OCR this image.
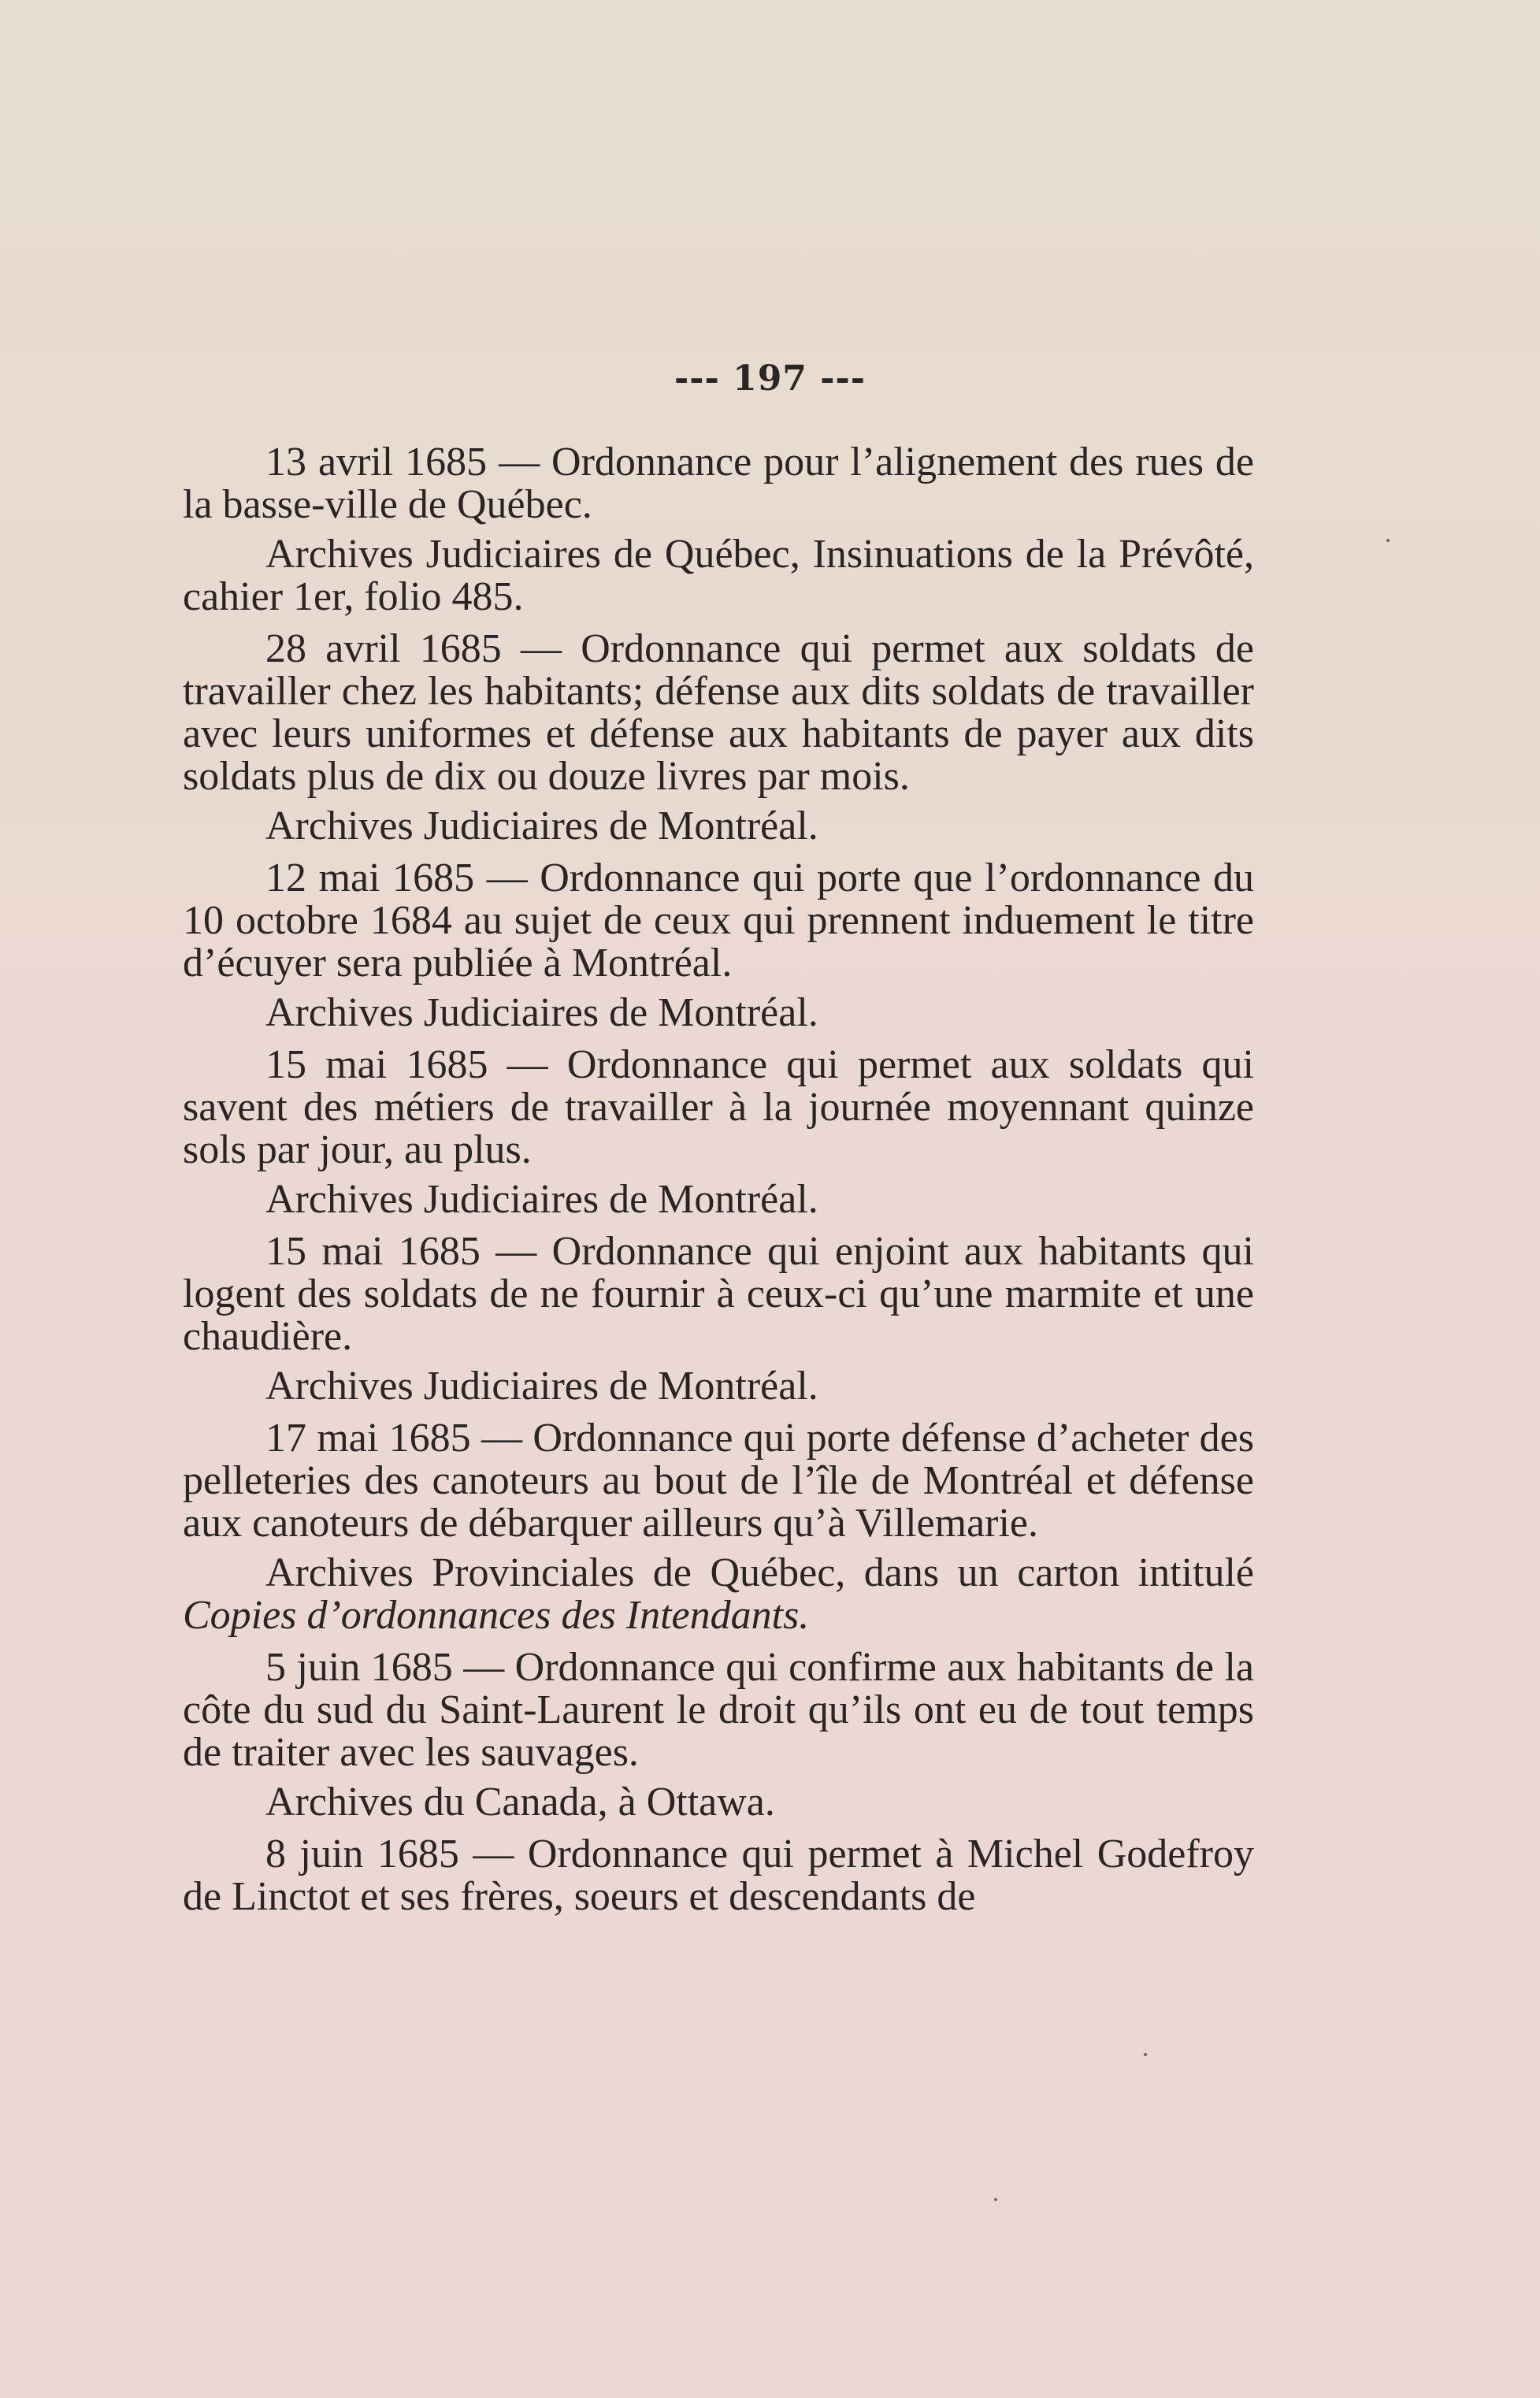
--- 197 ---

13 avril 1685 — Ordonnance pour l’alignement des rues de la basse-ville de Québec.

Archives Judiciaires de Québec, Insinuations de la Prévôté, cahier 1er, folio 485.

28 avril 1685 — Ordonnance qui permet aux soldats de travailler chez les habitants; défense aux dits soldats de travailler avec leurs uniformes et défense aux habitants de payer aux dits soldats plus de dix ou douze livres par mois.

Archives Judiciaires de Montréal.

12 mai 1685 — Ordonnance qui porte que l’ordonnance du 10 octobre 1684 au sujet de ceux qui prennent induement le titre d’écuyer sera publiée à Montréal.

Archives Judiciaires de Montréal.

15 mai 1685 — Ordonnance qui permet aux soldats qui savent des métiers de travailler à la journée moyennant quinze sols par jour, au plus.

Archives Judiciaires de Montréal.

15 mai 1685 — Ordonnance qui enjoint aux habitants qui logent des soldats de ne fournir à ceux-ci qu’une marmite et une chaudière.

Archives Judiciaires de Montréal.

17 mai 1685 — Ordonnance qui porte défense d’acheter des pelleteries des canoteurs au bout de l’île de Montréal et défense aux canoteurs de débarquer ailleurs qu’à Villemarie.

Archives Provinciales de Québec, dans un carton intitulé Copies d’ordonnances des Intendants.

5 juin 1685 — Ordonnance qui confirme aux habitants de la côte du sud du Saint-Laurent le droit qu’ils ont eu de tout temps de traiter avec les sauvages.

Archives du Canada, à Ottawa.

8 juin 1685 — Ordonnance qui permet à Michel Godefroy de Linctot et ses frères, soeurs et descendants de
